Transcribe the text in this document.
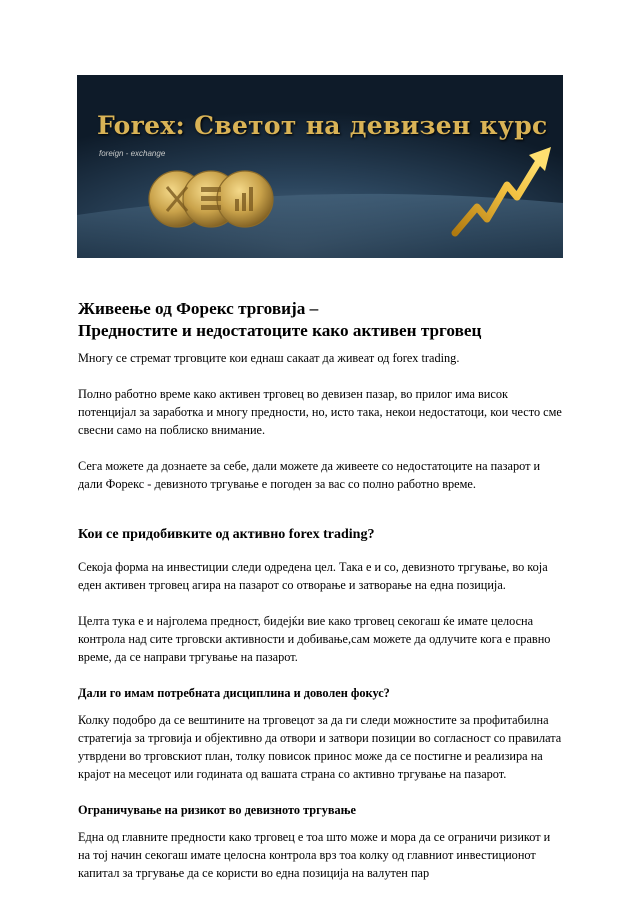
Forex: Светот на девизен курс

foreign - exchange

Живеење од Форекс трговија –
Предностите и недостатоците како активен трговец

Многу се стремат трговците кои еднаш сакаат да живеат од forex trading.

Полно работно време како активен трговец во девизен пазар, во прилог има висок потенцијал за заработка и многу предности, но, исто така, некои недостатоци, кои често сме свесни само на поблиско внимание.

Сега можете да дознаете за себе, дали можете да живеете со недостатоците на пазарот и дали Форекс - девизното тргување е погоден за вас со полно работно време.

Кои се придобивките од активно forex trading?

Секоја форма на инвестиции следи одредена цел. Така е и со, девизното тргување, во која еден активен трговец агира на пазарот со отворање и затворање на една позиција.

Целта тука е и најголема предност, бидејќи вие како трговец секогаш ќе имате целосна контрола над сите трговски активности и добивање,сам можете да одлучите кога е правно време, да се направи тргување на пазарот.

Дали го имам потребната дисциплина и доволен фокус?

Колку подобро да се вештините на трговецот за да ги следи можностите за профитабилна стратегија за трговија и објективно да отвори и затвори позиции во согласност со правилата утврдени во трговскиот план, толку повисок принос може да се постигне и реализира на крајот на месецот или годината од вашата страна со активно тргување на пазарот.

Ограничување на ризикот во девизното тргување

Една од главните предности како трговец е тоа што може и мора да се ограничи ризикот и на тој начин секогаш имате целосна контрола врз тоа колку од главниот инвестиционот капитал за тргување да се користи во една позиција на валутен пар
